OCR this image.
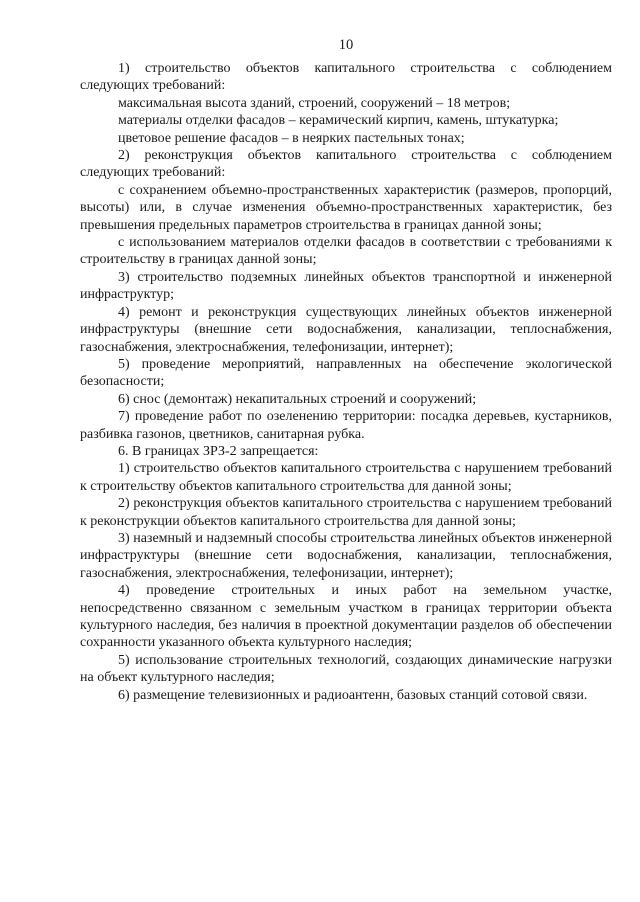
10

1) строительство объектов капитального строительства с соблюдением следующих требований:

максимальная высота зданий, строений, сооружений – 18 метров;

материалы отделки фасадов – керамический кирпич, камень, штукатурка;

цветовое решение фасадов – в неярких пастельных тонах;

2) реконструкция объектов капитального строительства с соблюдением следующих требований:

с сохранением объемно-пространственных характеристик (размеров, пропорций, высоты) или, в случае изменения объемно-пространственных характеристик, без превышения предельных параметров строительства в границах данной зоны;

с использованием материалов отделки фасадов в соответствии с требованиями к строительству в границах данной зоны;

3) строительство подземных линейных объектов транспортной и инженерной инфраструктур;

4) ремонт и реконструкция существующих линейных объектов инженерной инфраструктуры (внешние сети водоснабжения, канализации, теплоснабжения, газоснабжения, электроснабжения, телефонизации, интернет);

5) проведение мероприятий, направленных на обеспечение экологической безопасности;

6) снос (демонтаж) некапитальных строений и сооружений;

7) проведение работ по озеленению территории: посадка деревьев, кустарников, разбивка газонов, цветников, санитарная рубка.

6. В границах ЗРЗ-2 запрещается:

1) строительство объектов капитального строительства с нарушением требований к строительству объектов капитального строительства для данной зоны;

2) реконструкция объектов капитального строительства с нарушением требований к реконструкции объектов капитального строительства для данной зоны;

3) наземный и надземный способы строительства линейных объектов инженерной инфраструктуры (внешние сети водоснабжения, канализации, теплоснабжения, газоснабжения, электроснабжения, телефонизации, интернет);

4) проведение строительных и иных работ на земельном участке, непосредственно связанном с земельным участком в границах территории объекта культурного наследия, без наличия в проектной документации разделов об обеспечении сохранности указанного объекта культурного наследия;

5) использование строительных технологий, создающих динамические нагрузки на объект культурного наследия;

6) размещение телевизионных и радиоантенн, базовых станций сотовой связи.
